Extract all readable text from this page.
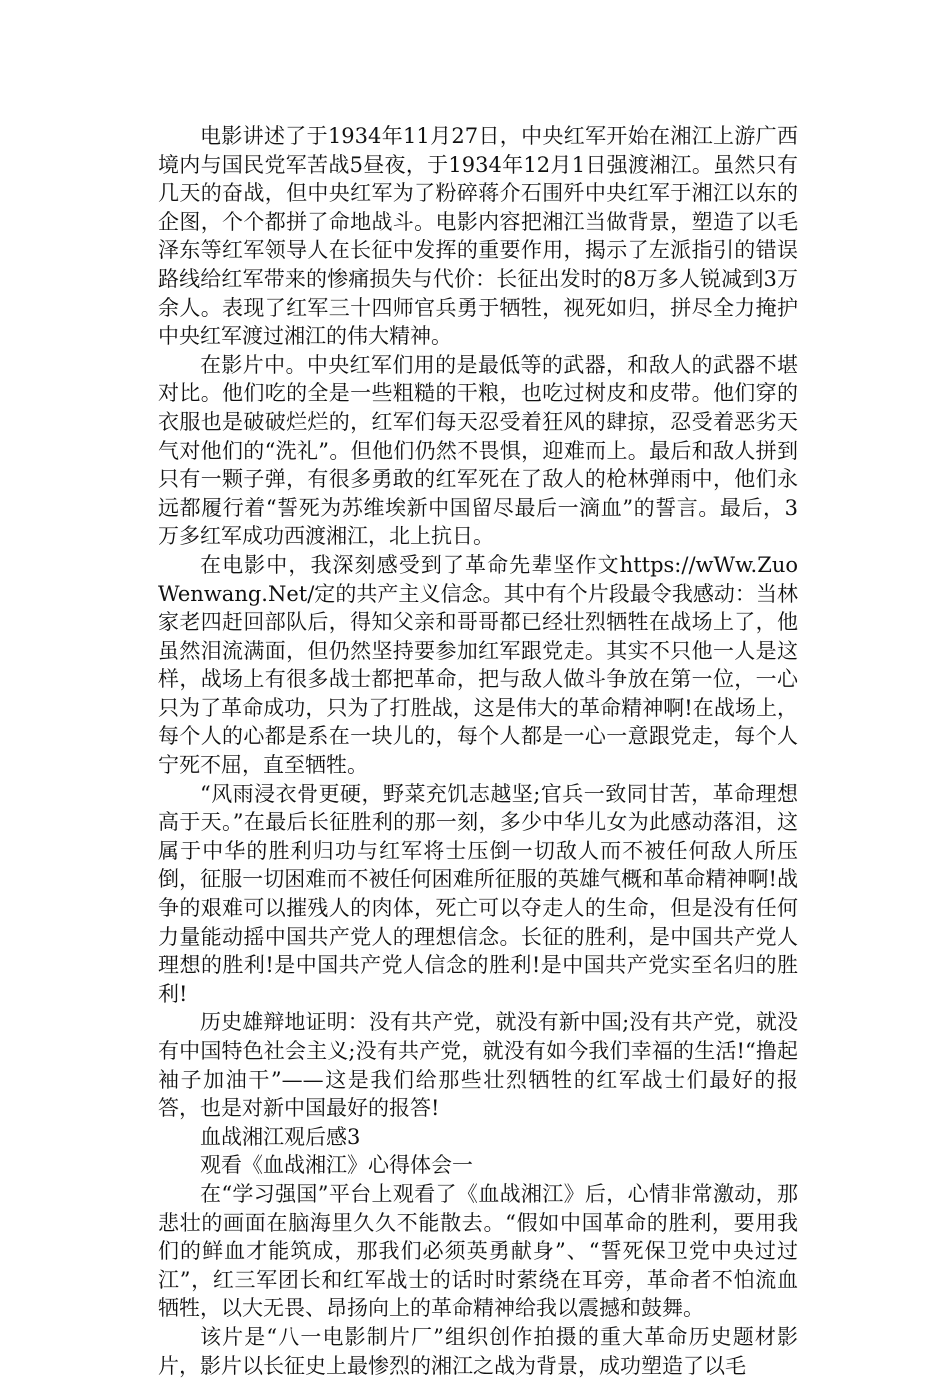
电影讲述了于1934年11月27日，中央红军开始在湘江上游广西境内与国民党军苦战5昼夜，于1934年12月1日强渡湘江。虽然只有几天的奋战，但中央红军为了粉碎蒋介石围歼中央红军于湘江以东的企图，个个都拼了命地战斗。电影内容把湘江当做背景，塑造了以毛泽东等红军领导人在长征中发挥的重要作用，揭示了左派指引的错误路线给红军带来的惨痛损失与代价：长征出发时的8万多人锐减到3万余人。表现了红军三十四师官兵勇于牺牲，视死如归，拼尽全力掩护中央红军渡过湘江的伟大精神。

在影片中。中央红军们用的是最低等的武器，和敌人的武器不堪对比。他们吃的全是一些粗糙的干粮，也吃过树皮和皮带。他们穿的衣服也是破破烂烂的，红军们每天忍受着狂风的肆掠，忍受着恶劣天气对他们的“洗礼”。但他们仍然不畏惧，迎难而上。最后和敌人拼到只有一颗子弹，有很多勇敢的红军死在了敌人的枪林弹雨中，他们永远都履行着“誓死为苏维埃新中国留尽最后一滴血”的誓言。最后，3万多红军成功西渡湘江，北上抗日。

在电影中，我深刻感受到了革命先辈坚作文https://wWw.ZuoWenwang.Net/定的共产主义信念。其中有个片段最令我感动：当林家老四赶回部队后，得知父亲和哥哥都已经壮烈牺牲在战场上了，他虽然泪流满面，但仍然坚持要参加红军跟党走。其实不只他一人是这样，战场上有很多战士都把革命，把与敌人做斗争放在第一位，一心只为了革命成功，只为了打胜战，这是伟大的革命精神啊!在战场上，每个人的心都是系在一块儿的，每个人都是一心一意跟党走，每个人宁死不屈，直至牺牲。

“风雨浸衣骨更硬，野菜充饥志越坚;官兵一致同甘苦，革命理想高于天。”在最后长征胜利的那一刻，多少中华儿女为此感动落泪，这属于中华的胜利归功与红军将士压倒一切敌人而不被任何敌人所压倒，征服一切困难而不被任何困难所征服的英雄气概和革命精神啊!战争的艰难可以摧残人的肉体，死亡可以夺走人的生命，但是没有任何力量能动摇中国共产党人的理想信念。长征的胜利，是中国共产党人理想的胜利!是中国共产党人信念的胜利!是中国共产党实至名归的胜利!

历史雄辩地证明：没有共产党，就没有新中国;没有共产党，就没有中国特色社会主义;没有共产党，就没有如今我们幸福的生活!“撸起袖子加油干”——这是我们给那些壮烈牺牲的红军战士们最好的报答，也是对新中国最好的报答!

血战湘江观后感3

观看《血战湘江》心得体会一

在“学习强国”平台上观看了《血战湘江》后，心情非常激动，那悲壮的画面在脑海里久久不能散去。“假如中国革命的胜利，要用我们的鲜血才能筑成，那我们必须英勇献身”、“誓死保卫党中央过过江”，红三军团长和红军战士的话时时萦绕在耳旁，革命者不怕流血牺牲，以大无畏、昂扬向上的革命精神给我以震撼和鼓舞。

该片是“八一电影制片厂”组织创作拍摄的重大革命历史题材影片，影片以长征史上最惨烈的湘江之战为背景，成功塑造了以毛
